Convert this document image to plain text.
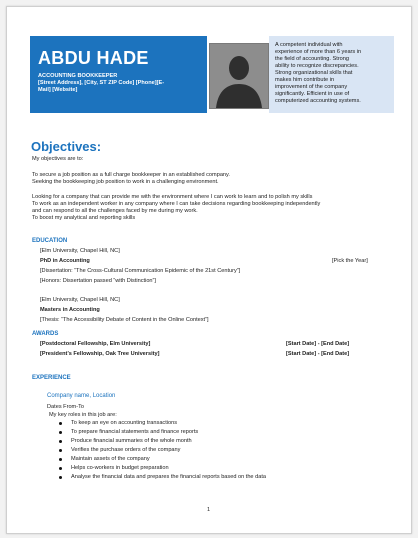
ABDU HADE
ACCOUNTING BOOKKEEPER
[Street Address], [City, ST ZIP Code] [Phone][E-
Mail] [Website]
A competent individual with
experience of more than 6 years in
the field of accounting. Strong
ability to recognize discrepancies.
Strong organizational skills that
makes him contribute in
improvement of the company
significantly. Efficient in use of
computerized accounting systems.
Objectives:
My objectives are to:
To secure a job position as a full charge bookkeeper in an established company.
Seeking the bookkeeping job position to work in a challenging environment.
Looking for a company that can provide me with the environment where I can work to learn and to polish my skills
To work as an independent worker in any company where I can take decisions regarding bookkeeping independently
and can respond to all the challenges faced by me during my work.
To boost my analytical and reporting skills
EDUCATION
[Elm University, Chapel Hill, NC]
PhD in Accounting	[Pick the Year]
[Dissertation: “The Cross-Cultural Communication Epidemic of the 21st Century”]
[Honors: Dissertation passed “with Distinction”]
[Elm University, Chapel Hill, NC]
Masters in Accounting
[Thesis: “The Accessibility Debate of Content in the Online Context”]
AWARDS
[Postdoctoral Fellowship, Elm University]	[Start Date] - [End Date]
[President’s Fellowship, Oak Tree University]	[Start Date] - [End Date]
EXPERIENCE
Company name, Location
Dates From-To
My key roles in this job are:
To keep an eye on accounting transactions
To prepare financial statements and finance reports
Produce financial summaries of the whole month
Verifies the purchase orders of the company
Maintain assets of the company
Helps co-workers in budget preparation
Analyse the financial data and prepares the financial reports based on the data
1
